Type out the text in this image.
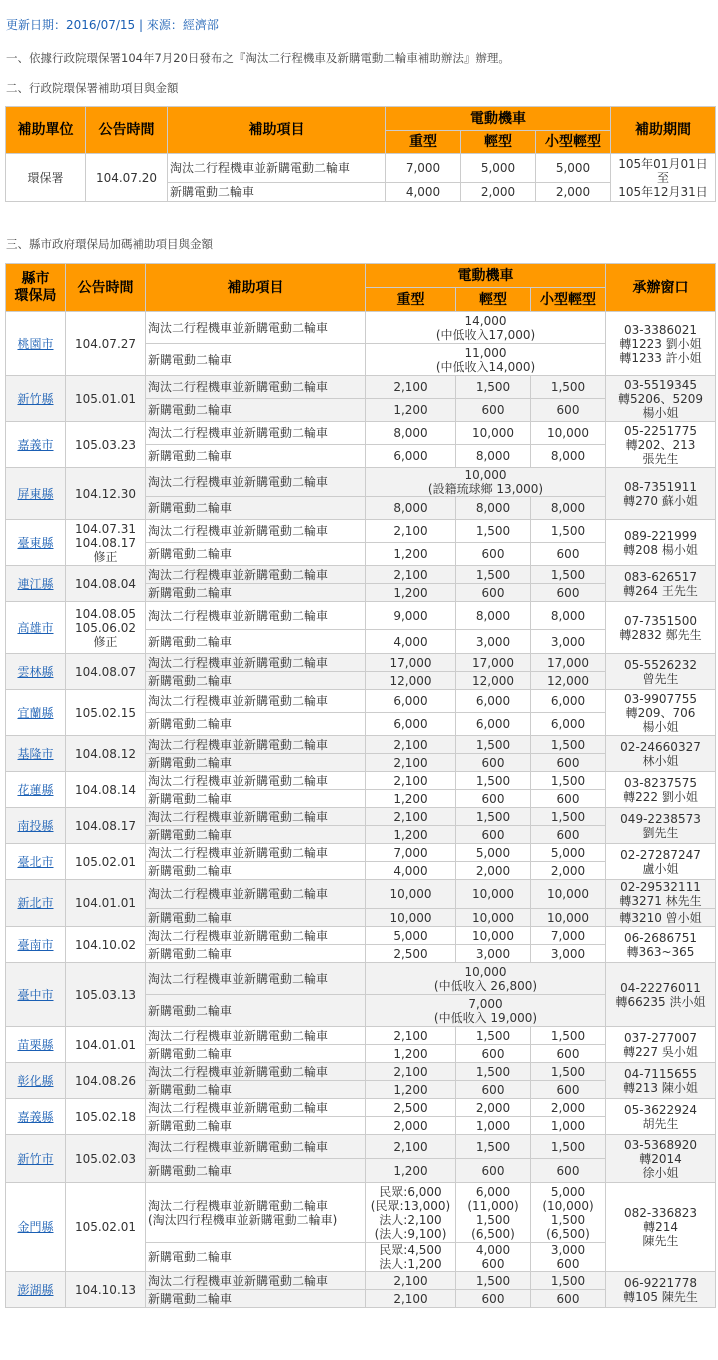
更新日期：2016/07/15 | 來源：經濟部
一、依據行政院環保署104年7月20日發布之『淘汰二行程機車及新購電動二輪車補助辦法』辦理。
二、行政院環保署補助項目與金額
補助單位	公告時間	補助項目	電動機車			補助期間
			重型	輕型	小型輕型	
環保署	104.07.20	淘汰二行程機車並新購電動二輪車	7,000	5,000	5,000	105年01月01日
至
105年12月31日
		新購電動二輪車	4,000	2,000	2,000	
三、縣市政府環保局加碼補助項目與金額
縣市
環保局	公告時間	補助項目	電動機車			承辦窗口
			重型	輕型	小型輕型	
桃園市	104.07.27	淘汰二行程機車並新購電動二輪車	14,000
(中低收入17,000)			03-3386021
轉1223 劉小姐
轉1233 許小姐
		新購電動二輪車	11,000
(中低收入14,000)			
新竹縣	105.01.01	淘汰二行程機車並新購電動二輪車	2,100	1,500	1,500	03-5519345
轉5206、5209
楊小姐
		新購電動二輪車	1,200	600	600	
嘉義市	105.03.23	淘汰二行程機車並新購電動二輪車	8,000	10,000	10,000	05-2251775
轉202、213
張先生
		新購電動二輪車	6,000	8,000	8,000	
屏東縣	104.12.30	淘汰二行程機車並新購電動二輪車	10,000
(設籍琉球鄉 13,000)			08-7351911
轉270 蘇小姐
		新購電動二輪車	8,000	8,000	8,000	
臺東縣	104.07.31
104.08.17
修正	淘汰二行程機車並新購電動二輪車	2,100	1,500	1,500	089-221999
轉208 楊小姐
		新購電動二輪車	1,200	600	600	
連江縣	104.08.04	淘汰二行程機車並新購電動二輪車	2,100	1,500	1,500	083-626517
轉264 王先生
		新購電動二輪車	1,200	600	600	
高雄市	104.08.05
105.06.02
修正	淘汰二行程機車並新購電動二輪車	9,000	8,000	8,000	07-7351500
轉2832 鄭先生
		新購電動二輪車	4,000	3,000	3,000	
雲林縣	104.08.07	淘汰二行程機車並新購電動二輪車	17,000	17,000	17,000	05-5526232
曾先生
		新購電動二輪車	12,000	12,000	12,000	
宜蘭縣	105.02.15	淘汰二行程機車並新購電動二輪車	6,000	6,000	6,000	03-9907755
轉209、706
楊小姐
		新購電動二輪車	6,000	6,000	6,000	
基隆市	104.08.12	淘汰二行程機車並新購電動二輪車	2,100	1,500	1,500	02-24660327
林小姐
		新購電動二輪車	2,100	600	600	
花蓮縣	104.08.14	淘汰二行程機車並新購電動二輪車	2,100	1,500	1,500	03-8237575
轉222 劉小姐
		新購電動二輪車	1,200	600	600	
南投縣	104.08.17	淘汰二行程機車並新購電動二輪車	2,100	1,500	1,500	049-2238573
劉先生
		新購電動二輪車	1,200	600	600	
臺北市	105.02.01	淘汰二行程機車並新購電動二輪車	7,000	5,000	5,000	02-27287247
盧小姐
		新購電動二輪車	4,000	2,000	2,000	
新北市	104.01.01	淘汰二行程機車並新購電動二輪車	10,000	10,000	10,000	02-29532111
轉3271 林先生
		新購電動二輪車	10,000	10,000	10,000	轉3210 曾小姐
臺南市	104.10.02	淘汰二行程機車並新購電動二輪車	5,000	10,000	7,000	06-2686751
轉363~365
		新購電動二輪車	2,500	3,000	3,000	
臺中市	105.03.13	淘汰二行程機車並新購電動二輪車	10,000
(中低收入 26,800)			04-22276011
轉66235 洪小姐
		新購電動二輪車	7,000
(中低收入 19,000)			
苗栗縣	104.01.01	淘汰二行程機車並新購電動二輪車	2,100	1,500	1,500	037-277007
轉227 吳小姐
		新購電動二輪車	1,200	600	600	
彰化縣	104.08.26	淘汰二行程機車並新購電動二輪車	2,100	1,500	1,500	04-7115655
轉213 陳小姐
		新購電動二輪車	1,200	600	600	
嘉義縣	105.02.18	淘汰二行程機車並新購電動二輪車	2,500	2,000	2,000	05-3622924
胡先生
		新購電動二輪車	2,000	1,000	1,000	
新竹市	105.02.03	淘汰二行程機車並新購電動二輪車	2,100	1,500	1,500	03-5368920
轉2014
徐小姐
		新購電動二輪車	1,200	600	600	
金門縣	105.02.01	淘汰二行程機車並新購電動二輪車
(淘汰四行程機車並新購電動二輪車)	民眾:6,000
(民眾:13,000)
法人:2,100
(法人:9,100)	6,000
(11,000)
1,500
(6,500)	5,000
(10,000)
1,500
(6,500)	082-336823
轉214
陳先生
		新購電動二輪車	民眾:4,500
法人:1,200	4,000
600	3,000
600	
澎湖縣	104.10.13	淘汰二行程機車並新購電動二輪車	2,100	1,500	1,500	06-9221778
轉105 陳先生
		新購電動二輪車	2,100	600	600	
